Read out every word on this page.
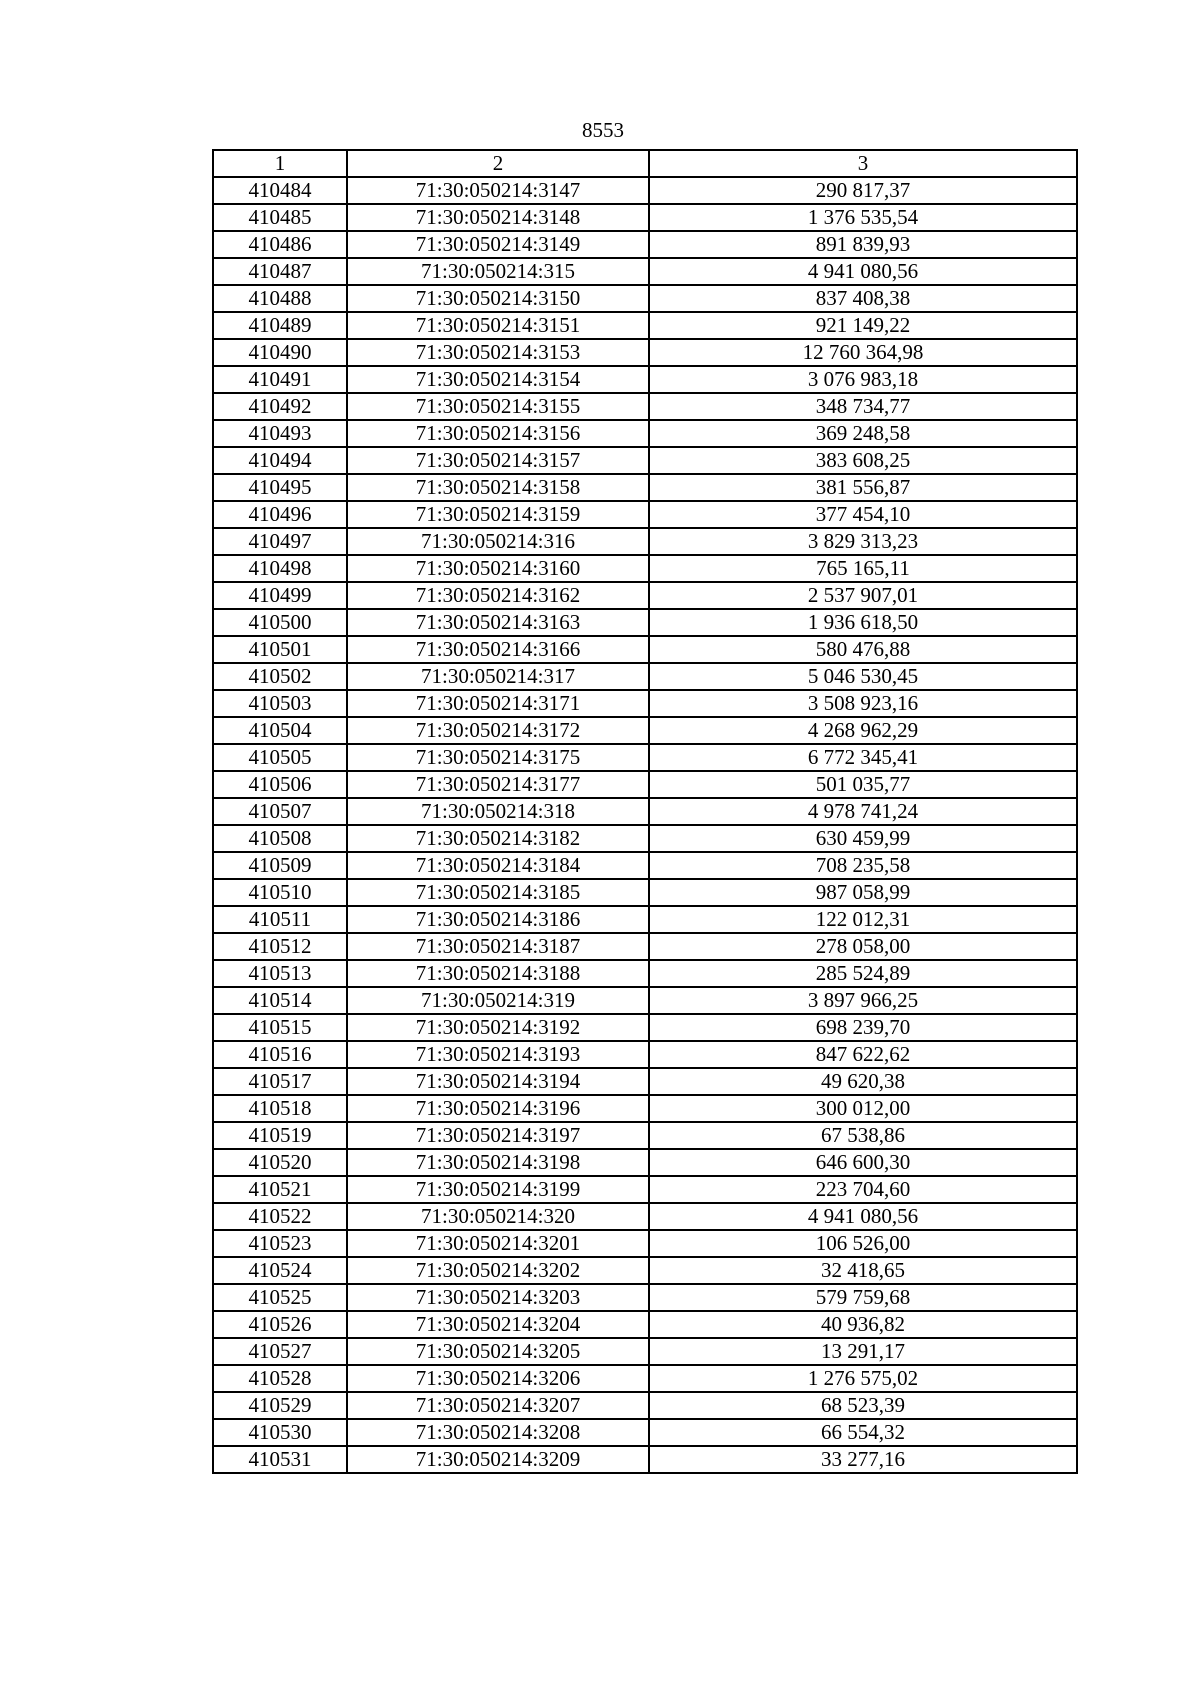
8553
1	2	3
410484	71:30:050214:3147	290 817,37
410485	71:30:050214:3148	1 376 535,54
410486	71:30:050214:3149	891 839,93
410487	71:30:050214:315	4 941 080,56
410488	71:30:050214:3150	837 408,38
410489	71:30:050214:3151	921 149,22
410490	71:30:050214:3153	12 760 364,98
410491	71:30:050214:3154	3 076 983,18
410492	71:30:050214:3155	348 734,77
410493	71:30:050214:3156	369 248,58
410494	71:30:050214:3157	383 608,25
410495	71:30:050214:3158	381 556,87
410496	71:30:050214:3159	377 454,10
410497	71:30:050214:316	3 829 313,23
410498	71:30:050214:3160	765 165,11
410499	71:30:050214:3162	2 537 907,01
410500	71:30:050214:3163	1 936 618,50
410501	71:30:050214:3166	580 476,88
410502	71:30:050214:317	5 046 530,45
410503	71:30:050214:3171	3 508 923,16
410504	71:30:050214:3172	4 268 962,29
410505	71:30:050214:3175	6 772 345,41
410506	71:30:050214:3177	501 035,77
410507	71:30:050214:318	4 978 741,24
410508	71:30:050214:3182	630 459,99
410509	71:30:050214:3184	708 235,58
410510	71:30:050214:3185	987 058,99
410511	71:30:050214:3186	122 012,31
410512	71:30:050214:3187	278 058,00
410513	71:30:050214:3188	285 524,89
410514	71:30:050214:319	3 897 966,25
410515	71:30:050214:3192	698 239,70
410516	71:30:050214:3193	847 622,62
410517	71:30:050214:3194	49 620,38
410518	71:30:050214:3196	300 012,00
410519	71:30:050214:3197	67 538,86
410520	71:30:050214:3198	646 600,30
410521	71:30:050214:3199	223 704,60
410522	71:30:050214:320	4 941 080,56
410523	71:30:050214:3201	106 526,00
410524	71:30:050214:3202	32 418,65
410525	71:30:050214:3203	579 759,68
410526	71:30:050214:3204	40 936,82
410527	71:30:050214:3205	13 291,17
410528	71:30:050214:3206	1 276 575,02
410529	71:30:050214:3207	68 523,39
410530	71:30:050214:3208	66 554,32
410531	71:30:050214:3209	33 277,16
